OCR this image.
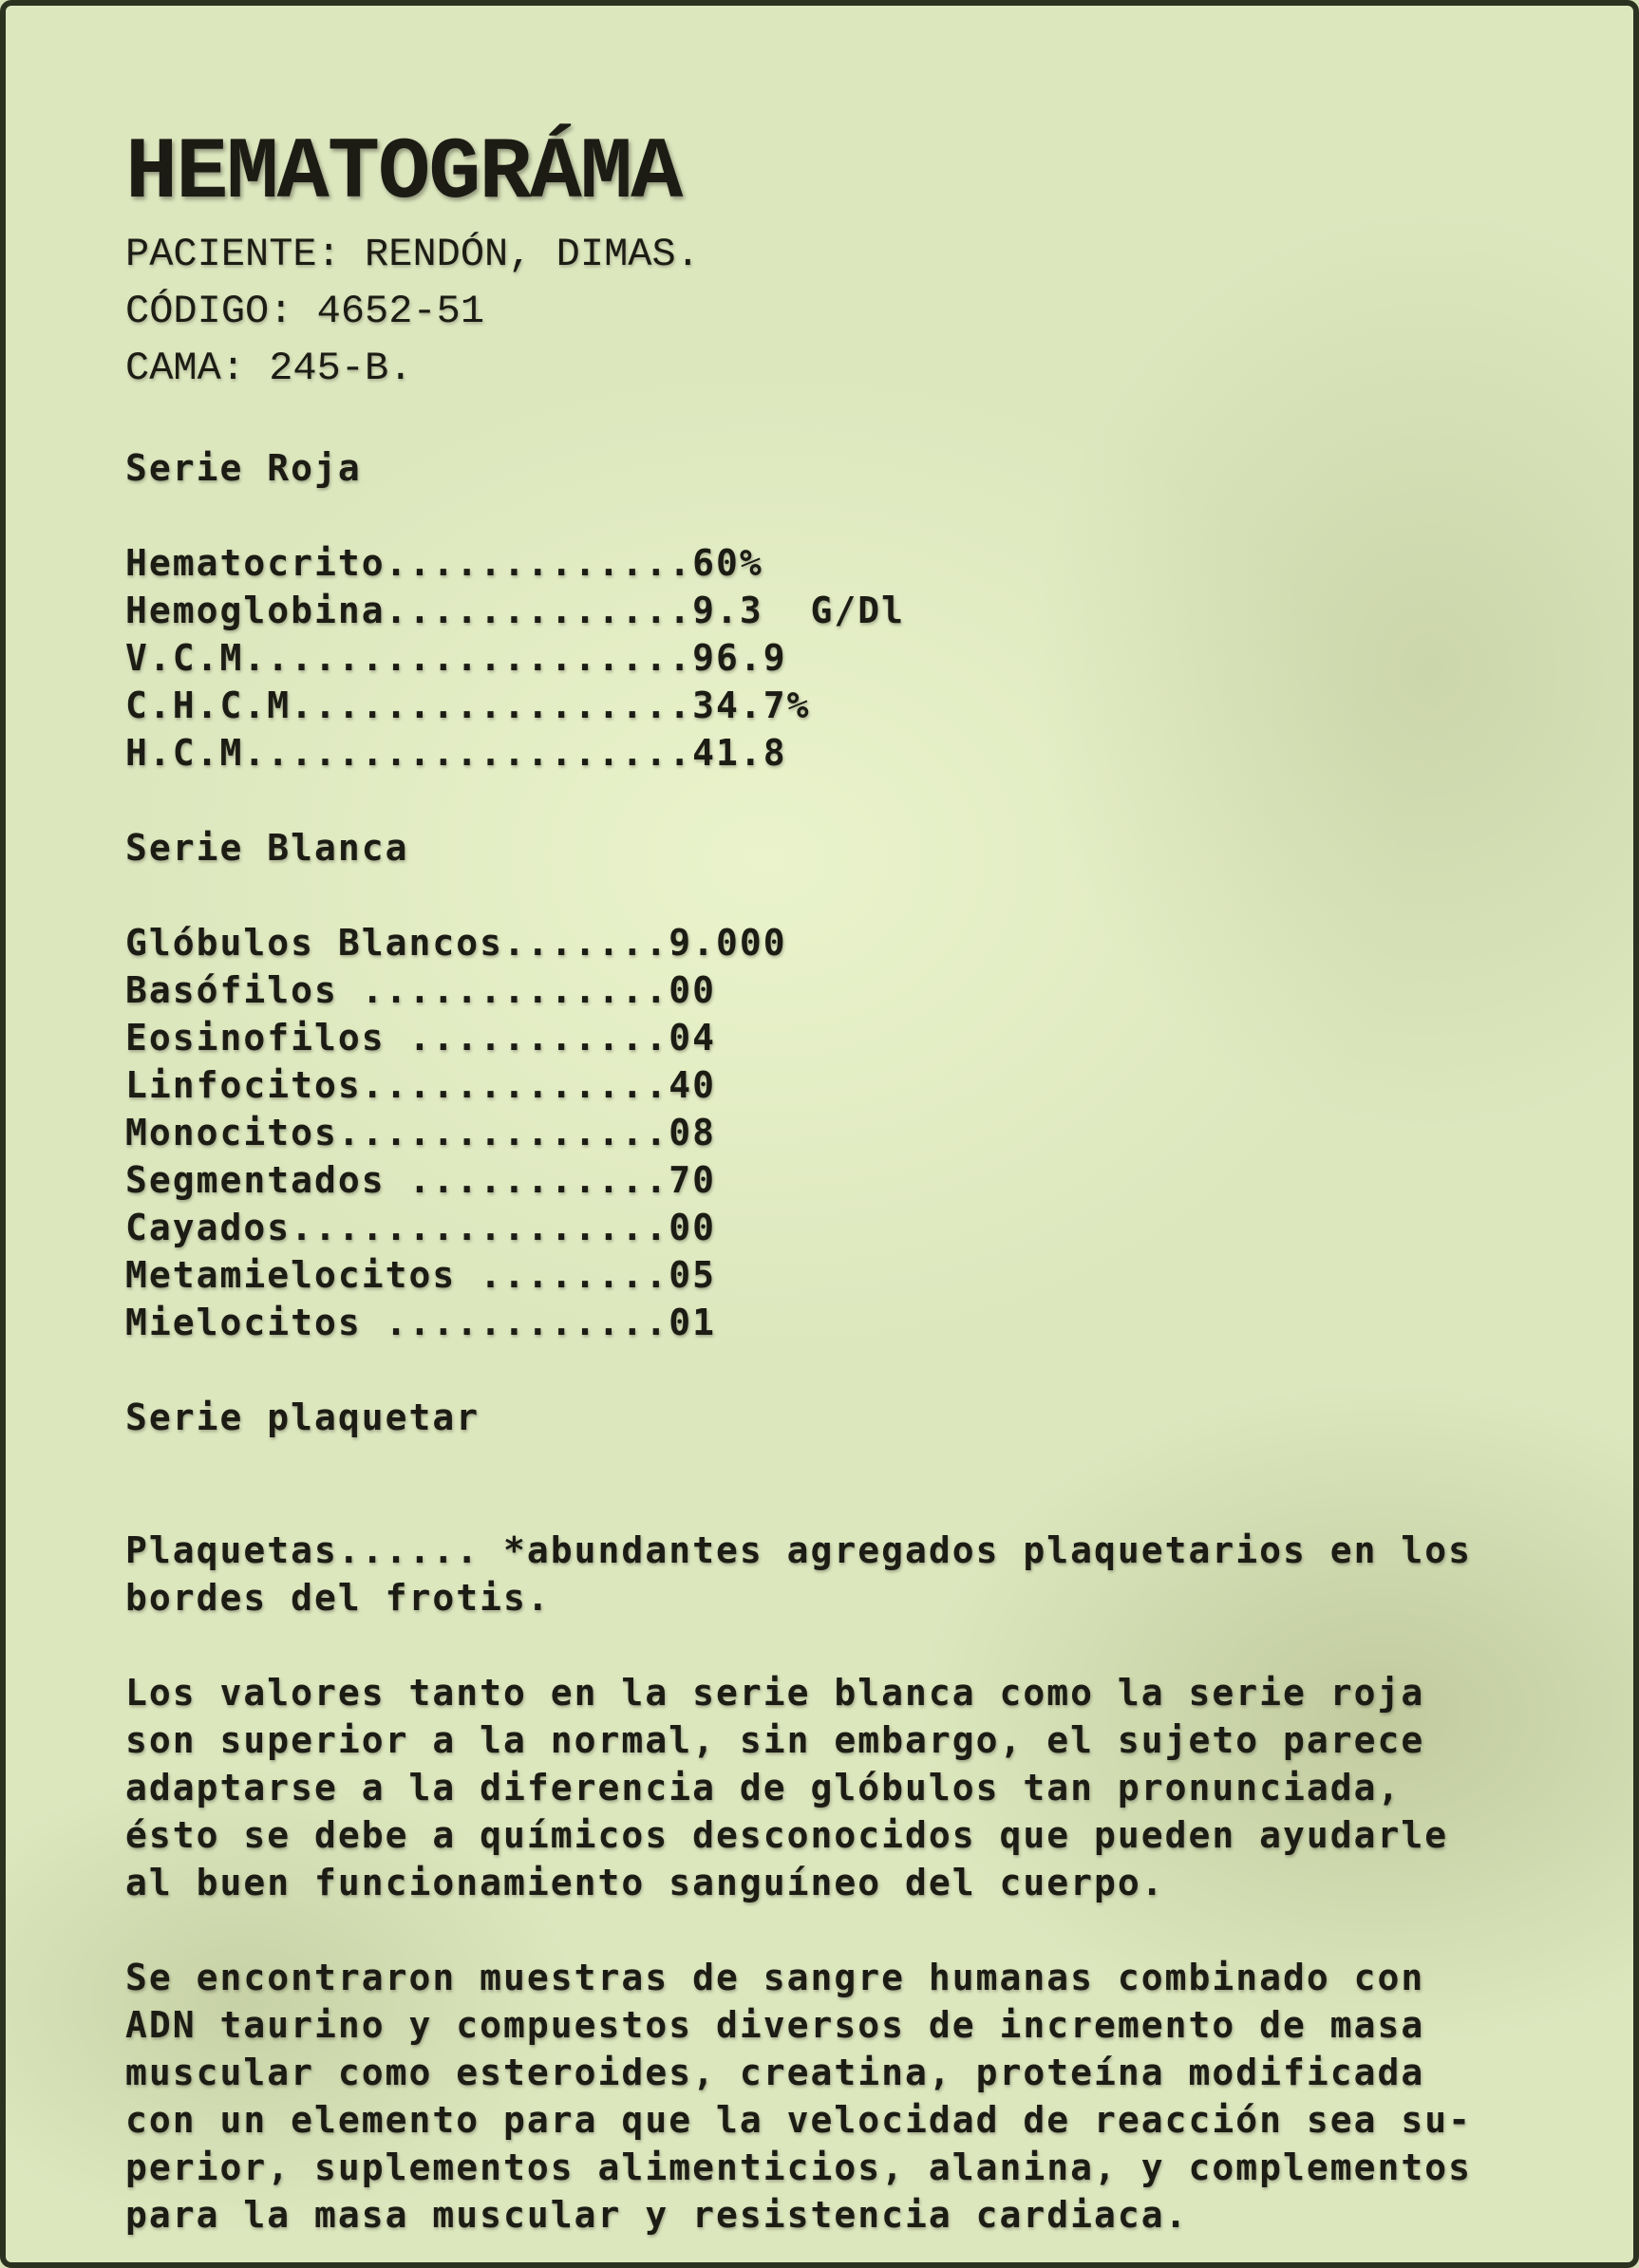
HEMATOGRÁMA

PACIENTE: RENDÓN, DIMAS.

CÓDIGO: 4652-51

CAMA: 245-B.

Serie Roja

Hematocrito.............60%

Hemoglobina.............9.3  G/Dl

V.C.M...................96.9

C.H.C.M.................34.7%

H.C.M...................41.8

Serie Blanca

Glóbulos Blancos.......9.000

Basófilos .............00

Eosinofilos ...........04

Linfocitos.............40

Monocitos..............08

Segmentados ...........70

Cayados................00

Metamielocitos ........05

Mielocitos ............01

Serie plaquetar

Plaquetas...... *abundantes agregados plaquetarios en los

bordes del frotis.

Los valores tanto en la serie blanca como la serie roja

son superior a la normal, sin embargo, el sujeto parece

adaptarse a la diferencia de glóbulos tan pronunciada,

ésto se debe a químicos desconocidos que pueden ayudarle

al buen funcionamiento sanguíneo del cuerpo.

Se encontraron muestras de sangre humanas combinado con

ADN taurino y compuestos diversos de incremento de masa

muscular como esteroides, creatina, proteína modificada

con un elemento para que la velocidad de reacción sea su-

perior, suplementos alimenticios, alanina, y complementos

para la masa muscular y resistencia cardiaca.
